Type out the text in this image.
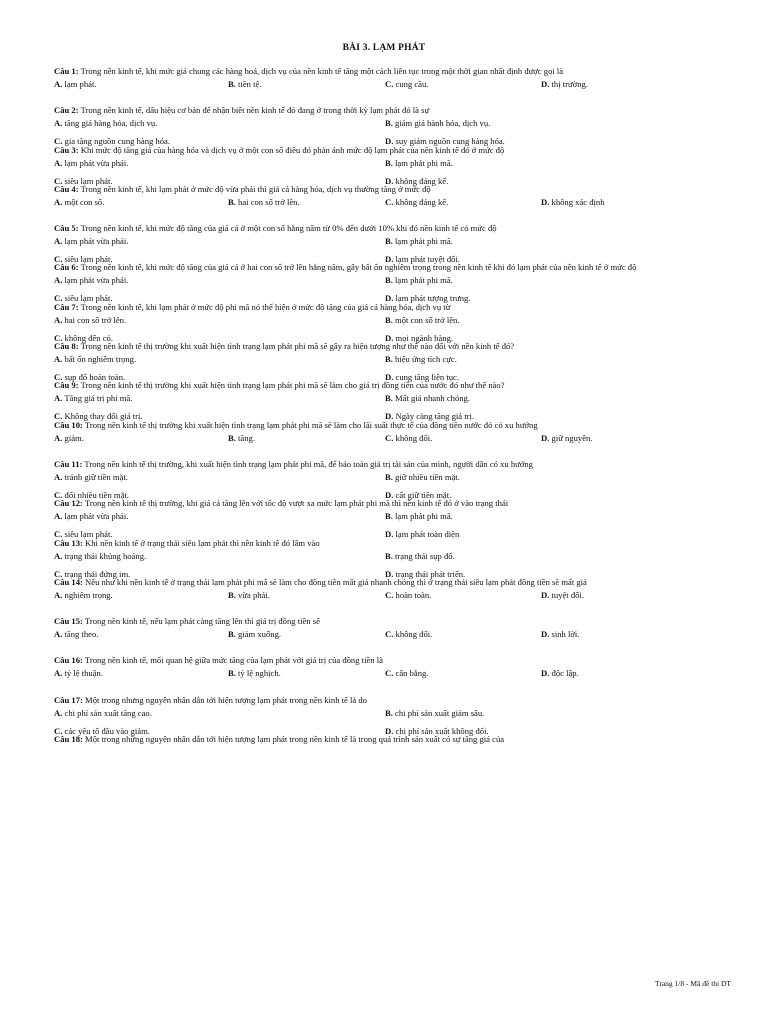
BÀI 3. LẠM PHÁT
Câu 1: Trong nền kinh tế, khi mức giá chung các hàng hoá, dịch vụ của nền kinh tế tăng một cách liên tục trong một thời gian nhất định được gọi là
A. lạm phát.	B. tiền tệ.	C. cung cầu.	D. thị trường.
Câu 2: Trong nền kinh tế, dấu hiệu cơ bản để nhận biết nền kinh tế đó đang ở trong thời kỳ lạm phát đó là sự
A. tăng giá hàng hóa, dịch vụ.	B. giảm giá hành hóa, dịch vụ.
C. gia tăng nguồn cung hàng hóa.	D. suy giảm nguồn cung hàng hóa.
Câu 3: Khi mức độ tăng giá của hàng hóa và dịch vụ ở một con số điều đó phản ánh mức độ lạm phát của nền kinh tế đó ở mức độ
A. lạm phát vừa phải.	B. lạm phát phi mã.
C. siêu lạm phát.	D. không đáng kể.
Câu 4: Trong nền kinh tế, khi lạm phát ở mức độ vừa phải thì giá cả hàng hóa, dịch vụ thường tăng ở mức độ
A. một con số.	B. hai con số trở lên.	C. không đáng kể.	D. không xác định
Câu 5: Trong nền kinh tế, khi mức độ tăng của giá cả ở một con số hằng năm từ 0% đến dưới 10% khi đó nền kinh tế có mức độ
A. lạm phát vừa phải.	B. lạm phát phi mã.
C. siêu lạm phát.	D. lạm phát tuyệt đối.
Câu 6: Trong nền kinh tế, khi mức độ tăng của giá cả ở hai con số trở lên hằng năm, gây bất ổn nghiêm trọng trong nền kinh tế khi đó lạm phát của nền kinh tế ở mức độ
A. lạm phát vừa phải.	B. lạm phát phi mã.
C. siêu lạm phát.	D. lạm phát tượng trưng.
Câu 7: Trong nền kinh tế, khi lạm phát ở mức độ phi mã nó thể hiện ở mức độ tăng của giá cả hàng hóa, dịch vụ từ
A. hai con số trở lên.	B. một con số trở lên.
C. không đến có.	D. mọi ngành hàng.
Câu 8: Trong nền kinh tế thị trường khi xuất hiện tình trạng lạm phát phi mã sẽ gây ra hiện tượng như thế nào đối với nền kinh tế đó?
A. bất ổn nghiêm trọng.	B. hiệu ứng tích cực.
C. sụp đổ hoàn toàn.	D. cung tăng liên tục.
Câu 9: Trong nền kinh tế thị trường khi xuất hiện tình trạng lạm phát phi mã sẽ làm cho giá trị đồng tiền của nước đó như thế nào?
A. Tăng giá trị phi mã.	B. Mất giá nhanh chóng.
C. Không thay đổi giá trị.	D. Ngày càng tăng giá trị.
Câu 10: Trong nền kinh tế thị trường khi xuất hiện tình trạng lạm phát phi mã sẽ làm cho lãi suất thực tế của đồng tiền nước đó có xu hướng
A. giảm.	B. tăng.	C. không đổi.	D. giữ nguyên.
Câu 11: Trong nền kinh tế thị trường, khi xuất hiện tình trạng lạm phát phi mã, để bảo toàn giá trị tài sản của mình, người dân có xu hướng
A. tránh giữ tiền mặt.	B. giữ nhiều tiền mặt.
C. đổi nhiều tiền mặt.	D. cất giữ tiền mặt.
Câu 12: Trong nền kinh tế thị trường, khi giá cả tăng lên với tốc độ vượt xa mức lạm phát phi mã thì nền kinh tế đó ở vào trạng thái
A. lạm phát vừa phải.	B. lạm phát phi mã.
C. siêu lạm phát.	D. lạm phát toàn diện
Câu 13: Khi nền kinh tế ở trạng thái siêu lạm phát thì nền kinh tế đó lâm vào
A. trạng thái khủng hoảng.	B. trạng thái sụp đổ.
C. trạng thái đứng im.	D. trạng thái phát triển.
Câu 14: Nếu như khi nền kinh tế ở trạng thái lạm phát phi mã sẽ làm cho đồng tiền mất giá nhanh chóng thì ở trạng thái siêu lạm phát đồng tiền sẽ mất giá
A. nghiêm trọng.	B. vừa phải.	C. hoàn toàn.	D. tuyệt đối.
Câu 15: Trong nền kinh tế, nếu lạm phát càng tăng lên thì giá trị đồng tiền sẽ
A. tăng theo.	B. giảm xuống.	C. không đổi.	D. sinh lời.
Câu 16: Trong nền kinh tế, mối quan hệ giữa mức tăng của lạm phát với giá trị của đồng tiền là
A. tỷ lệ thuận.	B. tỷ lệ nghịch.	C. cân bằng.	D. độc lập.
Câu 17: Một trong nhưng nguyên nhân dẫn tới hiện tượng lạm phát trong nền kinh tế là do
A. chi phí sản xuất tăng cao.	B. chi phí sản xuất giảm sâu.
C. các yếu tố đầu vào giảm.	D. chi phí sản xuất không đổi.
Câu 18: Một trong những nguyên nhân dẫn tới hiện tượng lạm phát trong nền kinh tế là trong quá trình sản xuất có sự tăng giá của
Trang 1/8 - Mã đề thi DT
